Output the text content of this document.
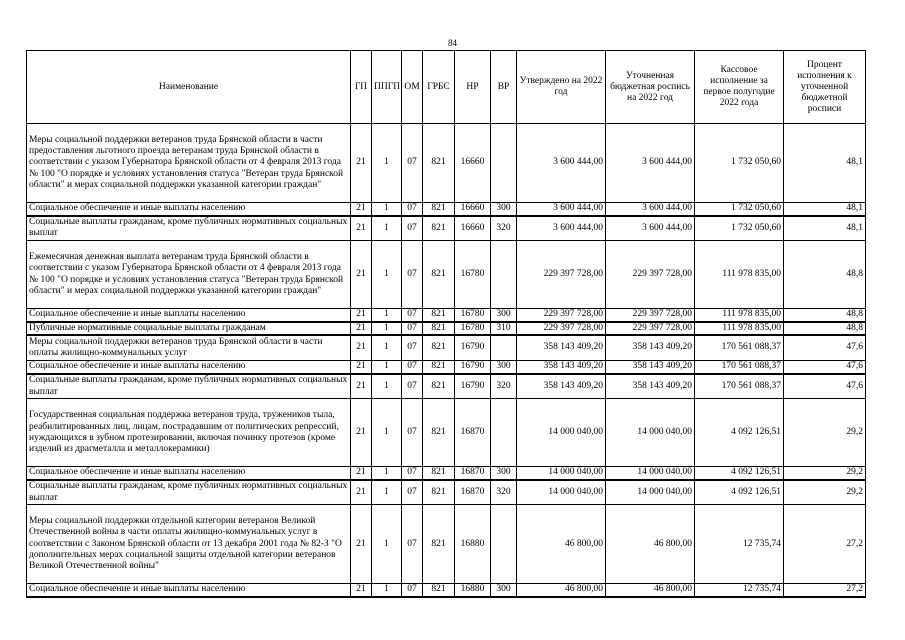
84
Наименование	ГП	ППГП	ОМ	ГРБС	НР	ВР	Утверждено на 2022 год	Уточненная бюджетная роспись на 2022 год	Кассовое исполнение за первое полугодие 2022 года	Процент исполнения к уточненной бюджетной росписи
Меры социальной поддержки ветеранов труда Брянской области в части предоставления льготного проезда ветеранам труда Брянской области в соответствии с указом Губернатора Брянской области от 4 февраля 2013 года № 100 "О порядке и условиях установления статуса "Ветеран труда Брянской области" и мерах социальной поддержки указанной категории граждан"	21	1	07	821	16660		3 600 444,00	3 600 444,00	1 732 050,60	48,1
Социальное обеспечение и иные выплаты населению	21	1	07	821	16660	300	3 600 444,00	3 600 444,00	1 732 050,60	48,1
Социальные выплаты гражданам, кроме публичных нормативных социальных выплат	21	1	07	821	16660	320	3 600 444,00	3 600 444,00	1 732 050,60	48,1
Ежемесячная денежная выплата ветеранам труда Брянской области в соответствии с указом Губернатора Брянской области от 4 февраля 2013 года № 100 "О порядке и условиях установления статуса "Ветеран труда Брянской области" и мерах социальной поддержки указанной категории граждан"	21	1	07	821	16780		229 397 728,00	229 397 728,00	111 978 835,00	48,8
Социальное обеспечение и иные выплаты населению	21	1	07	821	16780	300	229 397 728,00	229 397 728,00	111 978 835,00	48,8
Публичные нормативные социальные выплаты гражданам	21	1	07	821	16780	310	229 397 728,00	229 397 728,00	111 978 835,00	48,8
Меры социальной поддержки ветеранов труда Брянской области в части оплаты жилищно-коммунальных услуг	21	1	07	821	16790		358 143 409,20	358 143 409,20	170 561 088,37	47,6
Социальное обеспечение и иные выплаты населению	21	1	07	821	16790	300	358 143 409,20	358 143 409,20	170 561 088,37	47,6
Социальные выплаты гражданам, кроме публичных нормативных социальных выплат	21	1	07	821	16790	320	358 143 409,20	358 143 409,20	170 561 088,37	47,6
Государственная социальная поддержка ветеранов труда, тружеников тыла, реабилитированных лиц, лицам, пострадавшим от политических репрессий, нуждающихся в зубном протезировании, включая починку протезов (кроме изделий из драгметалла и металлокерамики)	21	1	07	821	16870		14 000 040,00	14 000 040,00	4 092 126,51	29,2
Социальное обеспечение и иные выплаты населению	21	1	07	821	16870	300	14 000 040,00	14 000 040,00	4 092 126,51	29,2
Социальные выплаты гражданам, кроме публичных нормативных социальных выплат	21	1	07	821	16870	320	14 000 040,00	14 000 040,00	4 092 126,51	29,2
Меры социальной поддержки отдельной категории ветеранов Великой Отечественной войны в части оплаты жилищно-коммунальных услуг в соответствии с Законом Брянской области от 13 декабря 2001 года № 82-З "О дополнительных мерах социальной защиты отдельной категории ветеранов Великой Отечественной войны"	21	1	07	821	16880		46 800,00	46 800,00	12 735,74	27,2
Социальное обеспечение и иные выплаты населению	21	1	07	821	16880	300	46 800,00	46 800,00	12 735,74	27,2
